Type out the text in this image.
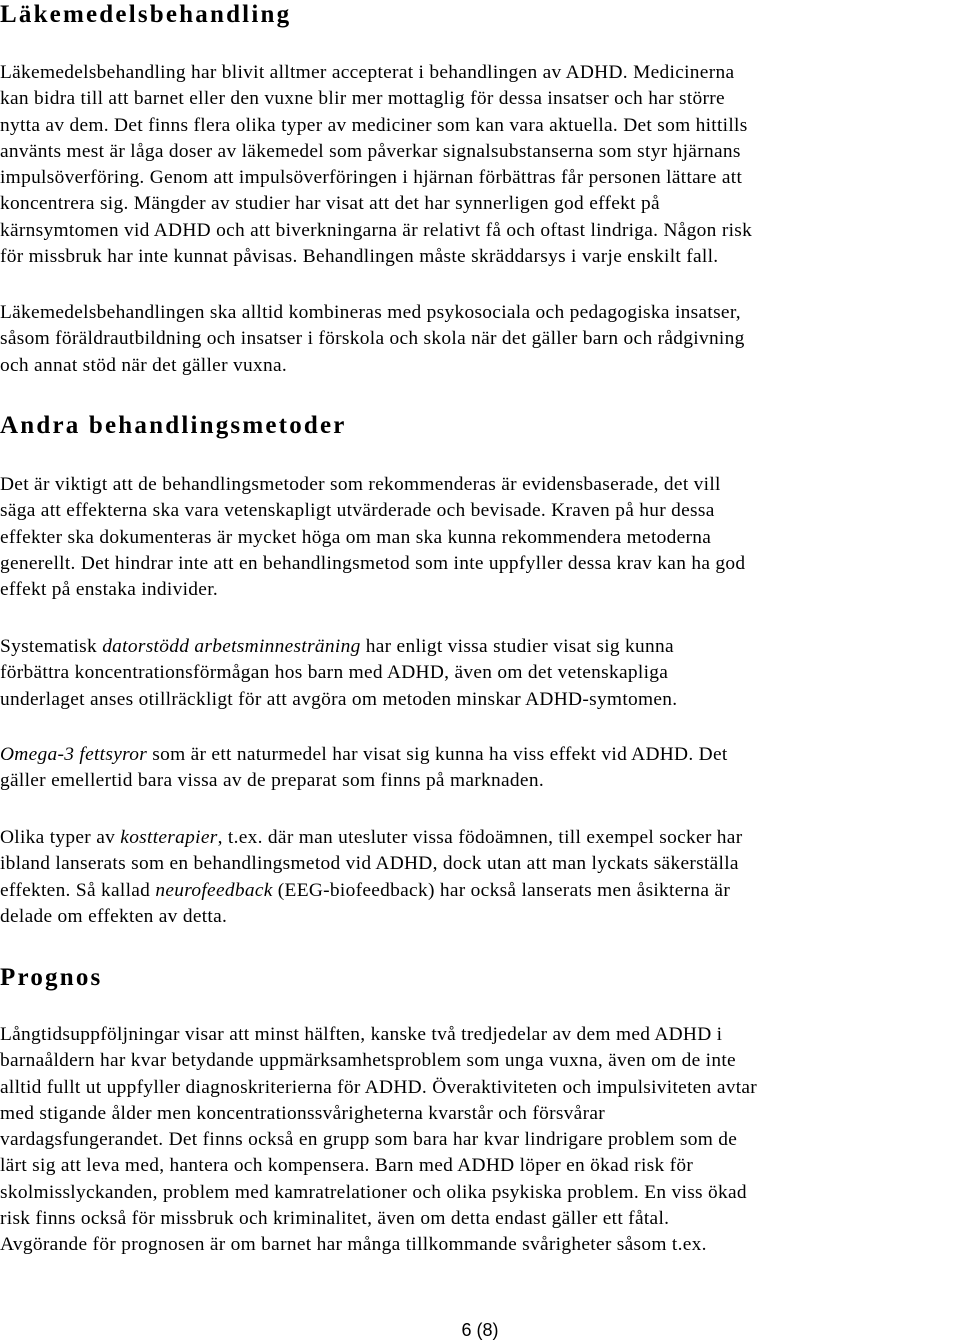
Läkemedelsbehandling

Läkemedelsbehandling har blivit alltmer accepterat i behandlingen av ADHD. Medicinerna
kan bidra till att barnet eller den vuxne blir mer mottaglig för dessa insatser och har större
nytta av dem. Det finns flera olika typer av mediciner som kan vara aktuella. Det som hittills
använts mest är låga doser av läkemedel som påverkar signalsubstanserna som styr hjärnans
impulsöverföring. Genom att impulsöverföringen i hjärnan förbättras får personen lättare att
koncentrera sig. Mängder av studier har visat att det har synnerligen god effekt på
kärnsymtomen vid ADHD och att biverkningarna är relativt få och oftast lindriga. Någon risk
för missbruk har inte kunnat påvisas. Behandlingen måste skräddarsys i varje enskilt fall.

Läkemedelsbehandlingen ska alltid kombineras med psykosociala och pedagogiska insatser,
såsom föräldrautbildning och insatser i förskola och skola när det gäller barn och rådgivning
och annat stöd när det gäller vuxna.

Andra behandlingsmetoder

Det är viktigt att de behandlingsmetoder som rekommenderas är evidensbaserade, det vill
säga att effekterna ska vara vetenskapligt utvärderade och bevisade. Kraven på hur dessa
effekter ska dokumenteras är mycket höga om man ska kunna rekommendera metoderna
generellt. Det hindrar inte att en behandlingsmetod som inte uppfyller dessa krav kan ha god
effekt på enstaka individer.

Systematisk datorstödd arbetsminnesträning har enligt vissa studier visat sig kunna
förbättra koncentrationsförmågan hos barn med ADHD, även om det vetenskapliga
underlaget anses otillräckligt för att avgöra om metoden minskar ADHD-symtomen.

Omega-3 fettsyror som är ett naturmedel har visat sig kunna ha viss effekt vid ADHD. Det
gäller emellertid bara vissa av de preparat som finns på marknaden.

Olika typer av kostterapier, t.ex. där man utesluter vissa födoämnen, till exempel socker har
ibland lanserats som en behandlingsmetod vid ADHD, dock utan att man lyckats säkerställa
effekten. Så kallad neurofeedback (EEG-biofeedback) har också lanserats men åsikterna är
delade om effekten av detta.

Prognos

Långtidsuppföljningar visar att minst hälften, kanske två tredjedelar av dem med ADHD i
barnaåldern har kvar betydande uppmärksamhetsproblem som unga vuxna, även om de inte
alltid fullt ut uppfyller diagnoskriterierna för ADHD. Överaktiviteten och impulsiviteten avtar
med stigande ålder men koncentrationssvårigheterna kvarstår och försvårar
vardagsfungerandet. Det finns också en grupp som bara har kvar lindrigare problem som de
lärt sig att leva med, hantera och kompensera. Barn med ADHD löper en ökad risk för
skolmisslyckanden, problem med kamratrelationer och olika psykiska problem. En viss ökad
risk finns också för missbruk och kriminalitet, även om detta endast gäller ett fåtal.
Avgörande för prognosen är om barnet har många tillkommande svårigheter såsom t.ex.

6 (8)
